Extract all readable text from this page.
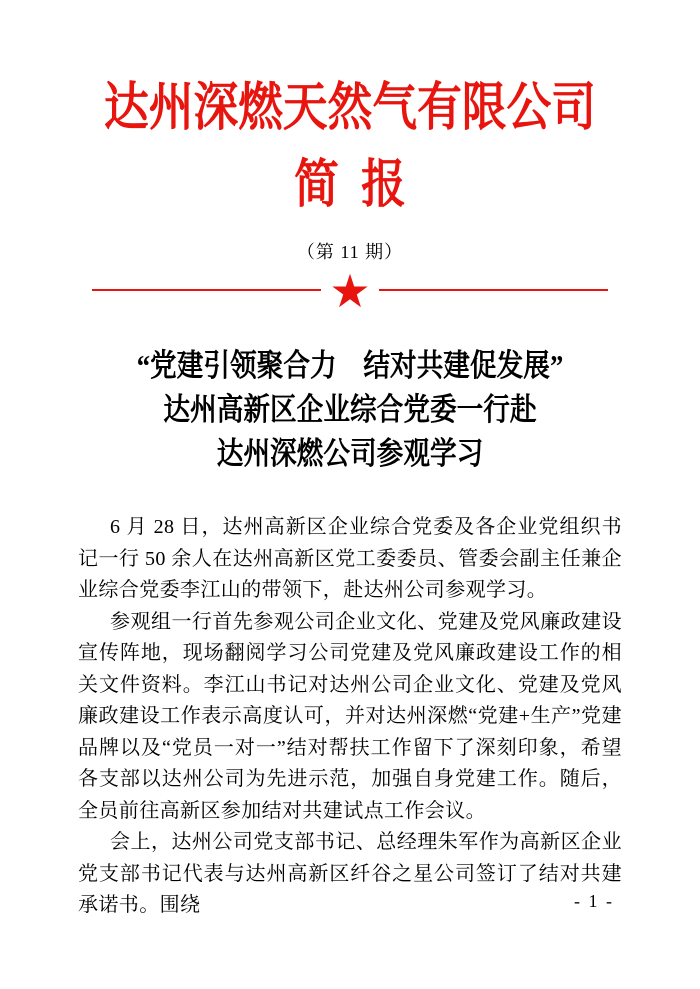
达州深燃天然气有限公司
简 报
（第 11 期）
★
“党建引领聚合力　结对共建促发展”
达州高新区企业综合党委一行赴
达州深燃公司参观学习

6 月 28 日，达州高新区企业综合党委及各企业党组织书记一行 50 余人在达州高新区党工委委员、管委会副主任兼企业综合党委李江山的带领下，赴达州公司参观学习。

参观组一行首先参观公司企业文化、党建及党风廉政建设宣传阵地，现场翻阅学习公司党建及党风廉政建设工作的相关文件资料。李江山书记对达州公司企业文化、党建及党风廉政建设工作表示高度认可，并对达州深燃“党建+生产”党建品牌以及“党员一对一”结对帮扶工作留下了深刻印象，希望各支部以达州公司为先进示范，加强自身党建工作。随后，全员前往高新区参加结对共建试点工作会议。

会上，达州公司党支部书记、总经理朱军作为高新区企业党支部书记代表与达州高新区纤谷之星公司签订了结对共建承诺书。围绕	- 1 -
